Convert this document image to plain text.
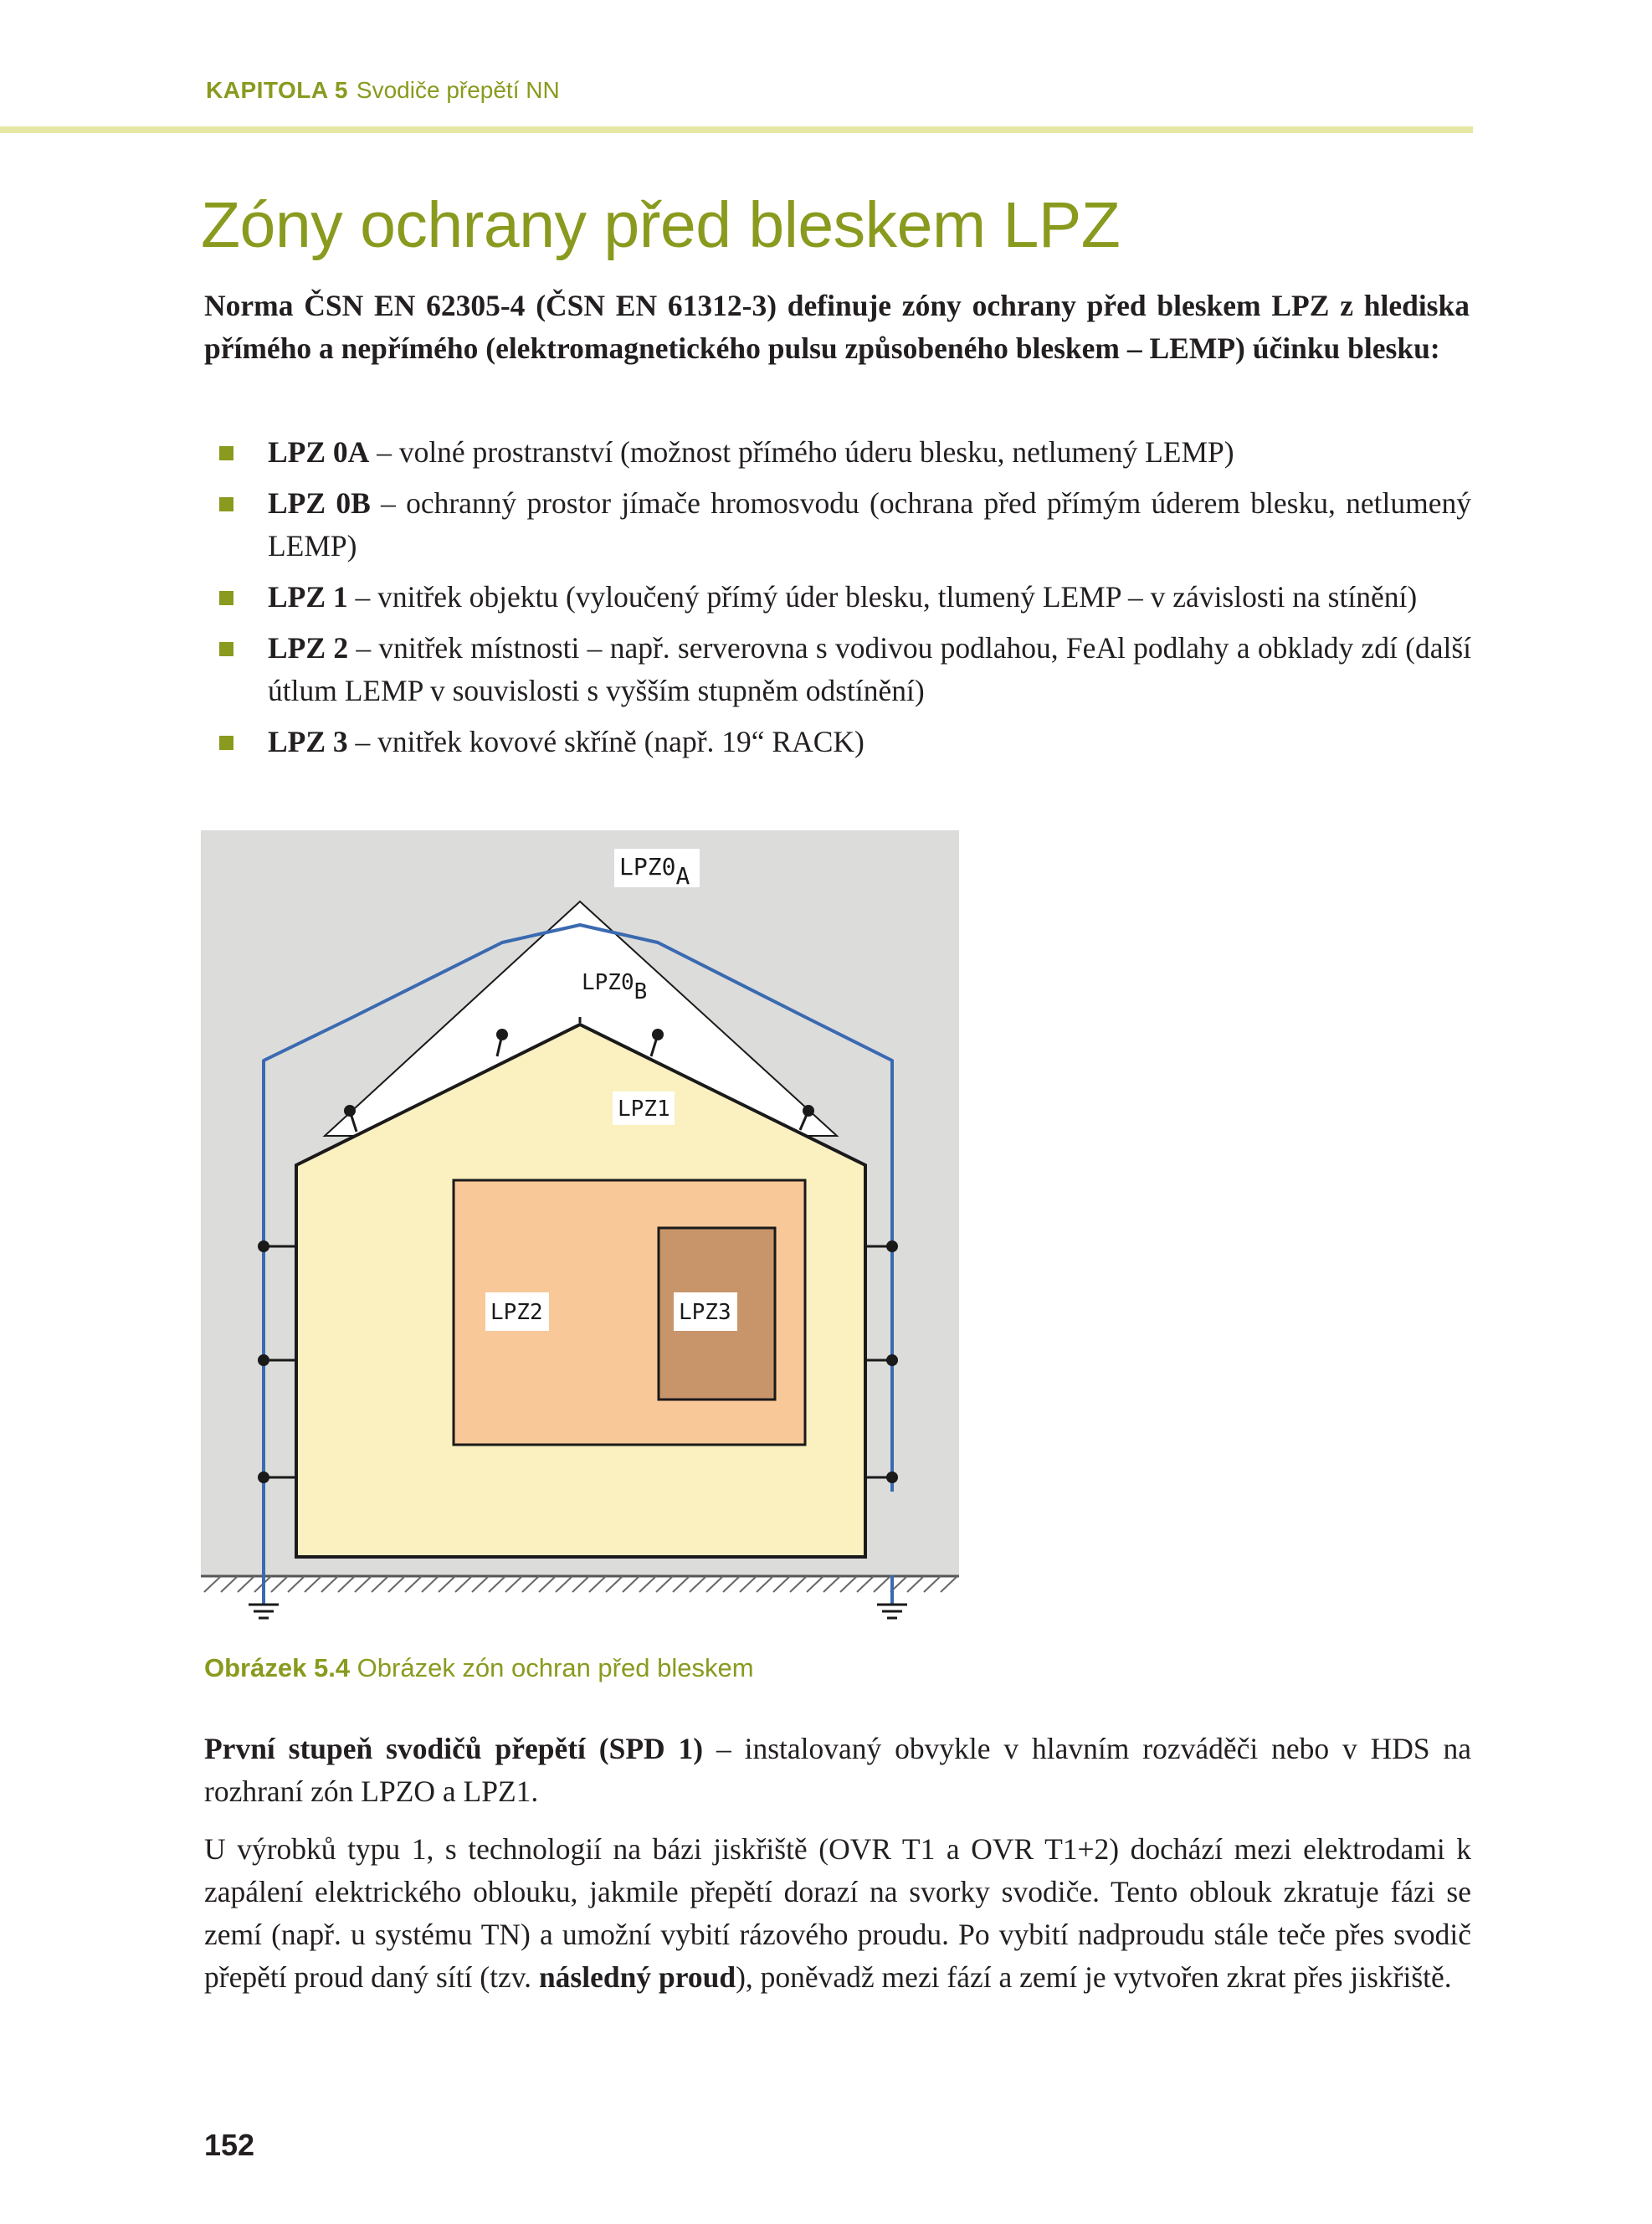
KAPITOLA 5 Svodiče přepětí NN
Zóny ochrany před bleskem LPZ

Norma ČSN EN 62305-4 (ČSN EN 61312-3) definuje zóny ochrany před bleskem LPZ z hlediska přímého a nepřímého (elektromagnetického pulsu způsobeného bleskem – LEMP) účinku blesku:

LPZ 0A – volné prostranství (možnost přímého úderu blesku, netlumený LEMP)
LPZ 0B – ochranný prostor jímače hromosvodu (ochrana před přímým úderem blesku, netlumený LEMP)
LPZ 1 – vnitřek objektu (vyloučený přímý úder blesku, tlumený LEMP – v závislosti na stínění)
LPZ 2 – vnitřek místnosti – např. serverovna s vodivou podlahou, FeAl podlahy a obklady zdí (další útlum LEMP v souvislosti s vyšším stupněm odstínění)
LPZ 3 – vnitřek kovové skříně (např. 19“ RACK)
LPZ0A
LPZ0B
LPZ1
LPZ2	LPZ3
Obrázek 5.4 Obrázek zón ochran před bleskem

První stupeň svodičů přepětí (SPD 1) – instalovaný obvykle v hlavním rozváděči nebo v HDS na rozhraní zón LPZO a LPZ1.

U výrobků typu 1, s technologií na bázi jiskřiště (OVR T1 a OVR T1+2) dochází mezi elektrodami k zapálení elektrického oblouku, jakmile přepětí dorazí na svorky svodiče. Tento oblouk zkratuje fázi se zemí (např. u systému TN) a umožní vybití rázového proudu. Po vybití nadproudu stále teče přes svodič přepětí proud daný sítí (tzv. následný proud), poněvadž mezi fází a zemí je vytvořen zkrat přes jiskřiště.

152
